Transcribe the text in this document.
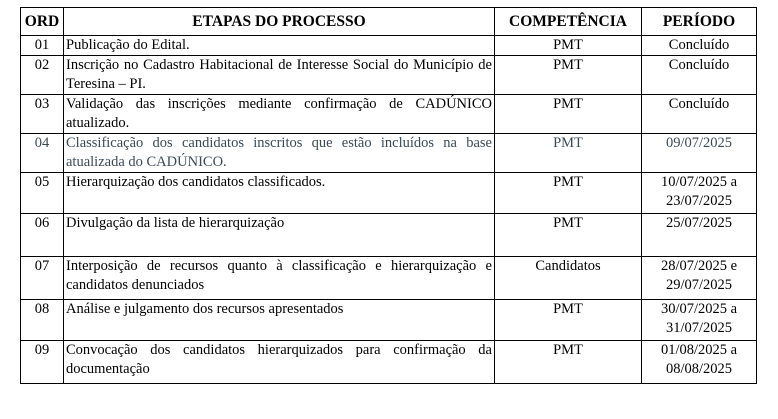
ORD	ETAPAS DO PROCESSO	COMPETÊNCIA	PERÍODO
01	Publicação do Edital.	PMT	Concluído
02	Inscrição no Cadastro Habitacional de Interesse Social do Município de Teresina – PI.	PMT	Concluído
03	Validação das inscrições mediante confirmação de CADÚNICO atualizado.	PMT	Concluído
04	Classificação dos candidatos inscritos que estão incluídos na base atualizada do CADÚNICO.	PMT	09/07/2025
05	Hierarquização dos candidatos classificados.	PMT	10/07/2025 a 23/07/2025
06	Divulgação da lista de hierarquização	PMT	25/07/2025
07	Interposição de recursos quanto à classificação e hierarquização e candidatos denunciados	Candidatos	28/07/2025 e 29/07/2025
08	Análise e julgamento dos recursos apresentados	PMT	30/07/2025 a 31/07/2025
09	Convocação dos candidatos hierarquizados para confirmação da documentação	PMT	01/08/2025 a 08/08/2025
